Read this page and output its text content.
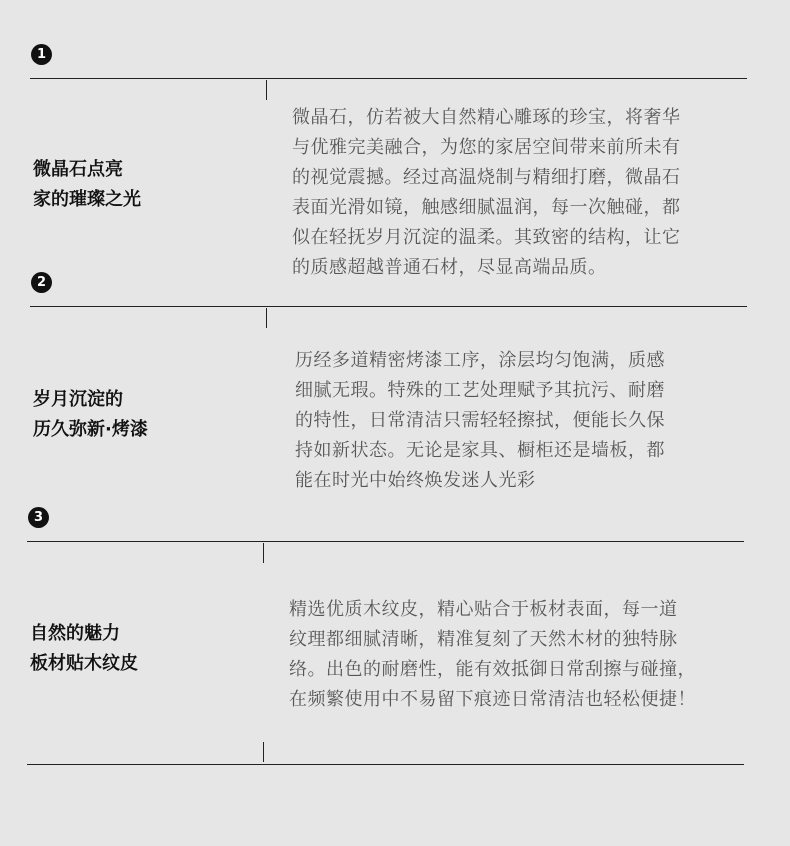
1
微晶石点亮
家的璀璨之光
微晶石，仿若被大自然精心雕琢的珍宝，将奢华
与优雅完美融合，为您的家居空间带来前所未有
的视觉震撼。经过高温烧制与精细打磨，微晶石
表面光滑如镜，触感细腻温润，每一次触碰，都
似在轻抚岁月沉淀的温柔。其致密的结构，让它
的质感超越普通石材，尽显高端品质。
2
岁月沉淀的
历久弥新·烤漆
历经多道精密烤漆工序，涂层均匀饱满，质感
细腻无瑕。特殊的工艺处理赋予其抗污、耐磨
的特性，日常清洁只需轻轻擦拭，便能长久保
持如新状态。无论是家具、橱柜还是墙板，都
能在时光中始终焕发迷人光彩
3
自然的魅力
板材贴木纹皮
精选优质木纹皮，精心贴合于板材表面，每一道
纹理都细腻清晰，精准复刻了天然木材的独特脉
络。出色的耐磨性，能有效抵御日常刮擦与碰撞，
在频繁使用中不易留下痕迹日常清洁也轻松便捷！
